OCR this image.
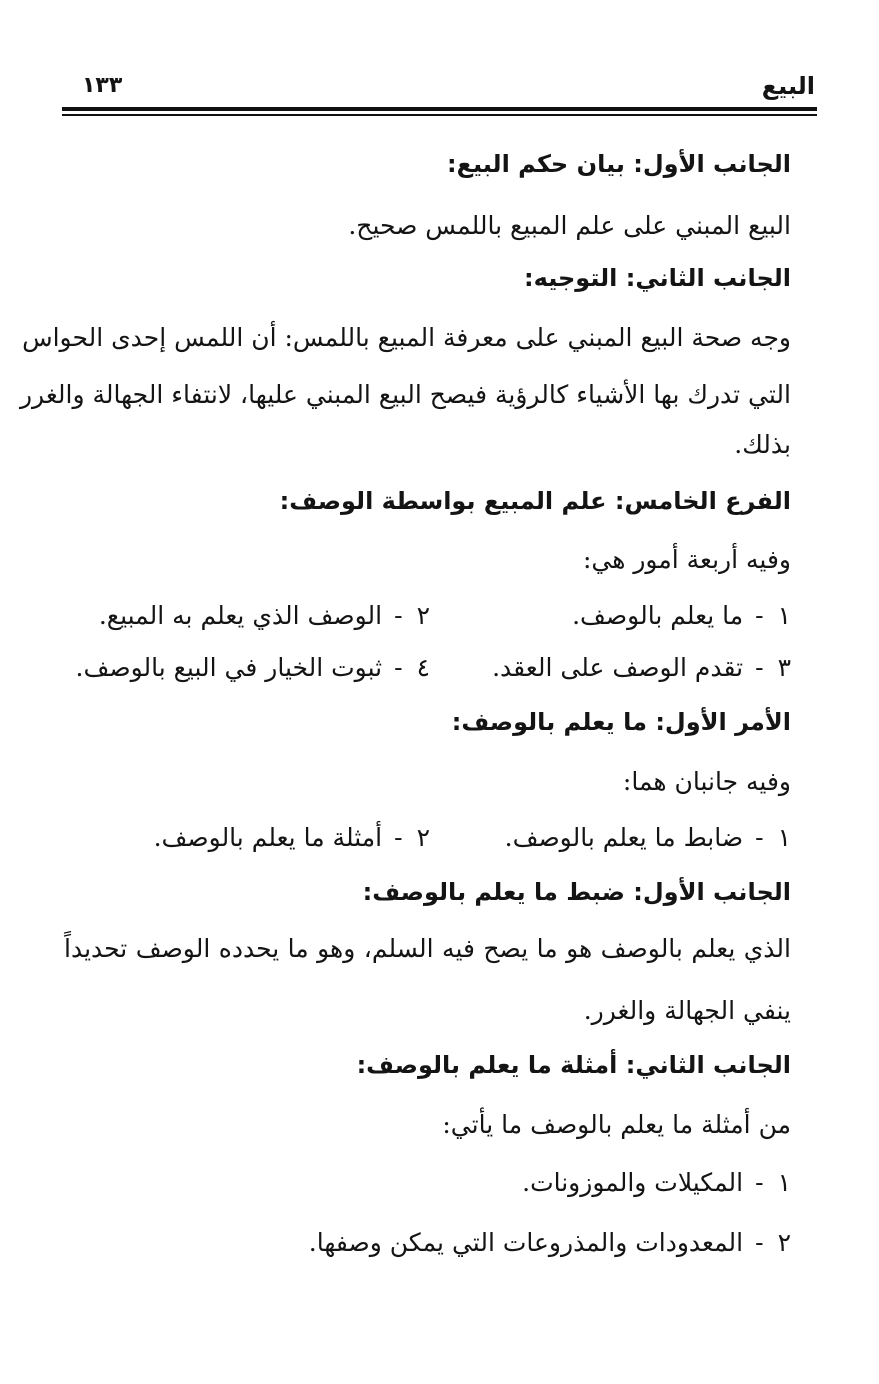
البيع
١٣٣
الجانب الأول: بيان حكم البيع:
البيع المبني على علم المبيع باللمس صحيح.
الجانب الثاني: التوجيه:
وجه صحة البيع المبني على معرفة المبيع باللمس: أن اللمس إحدى الحواس
التي تدرك بها الأشياء كالرؤية فيصح البيع المبني عليها، لانتفاء الجهالة والغرر
بذلك.
الفرع الخامس: علم المبيع بواسطة الوصف:
وفيه أربعة أمور هي:
١-ما يعلم بالوصف.
٢-الوصف الذي يعلم به المبيع.
٣-تقدم الوصف على العقد.
٤-ثبوت الخيار في البيع بالوصف.
الأمر الأول: ما يعلم بالوصف:
وفيه جانبان هما:
١-ضابط ما يعلم بالوصف.
٢-أمثلة ما يعلم بالوصف.
الجانب الأول: ضبط ما يعلم بالوصف:
الذي يعلم بالوصف هو ما يصح فيه السلم، وهو ما يحدده الوصف تحديداً
ينفي الجهالة والغرر.
الجانب الثاني: أمثلة ما يعلم بالوصف:
من أمثلة ما يعلم بالوصف ما يأتي:
١-المكيلات والموزونات.
٢-المعدودات والمذروعات التي يمكن وصفها.
